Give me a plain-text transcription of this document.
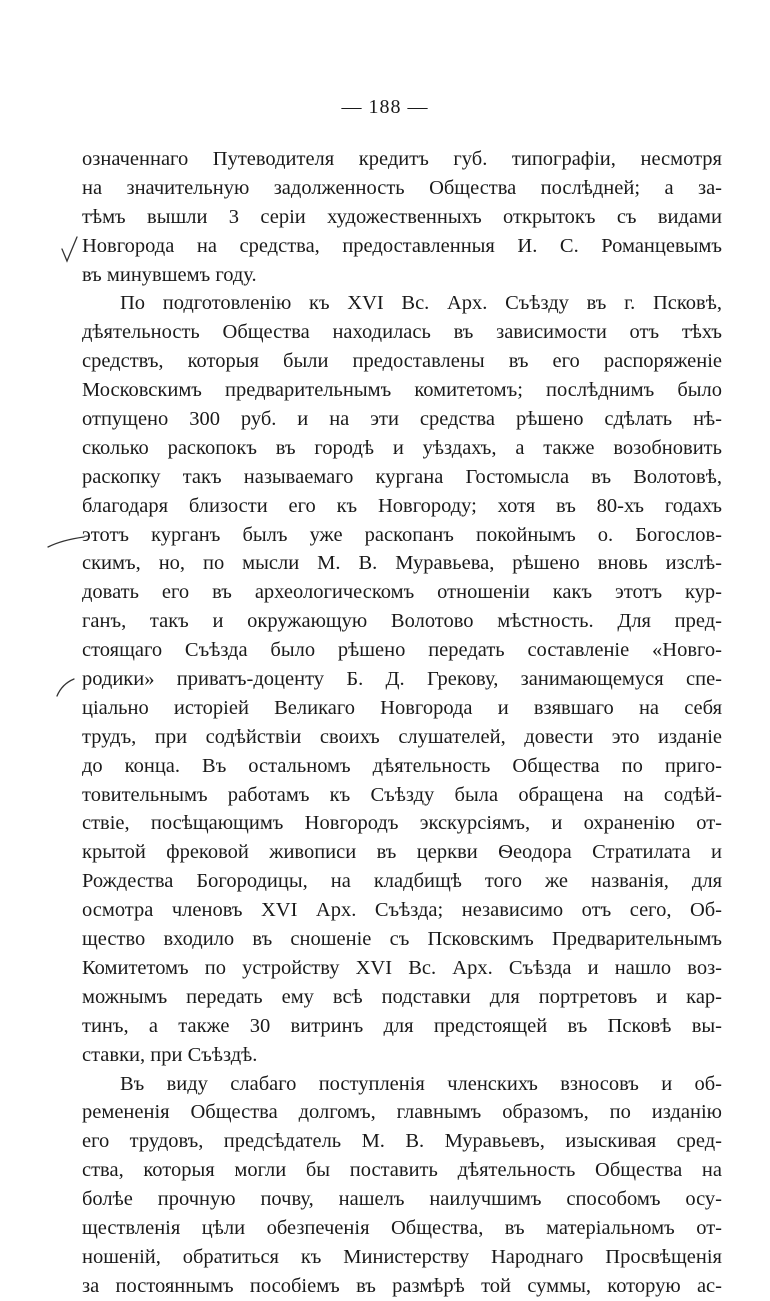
— 188 —
означеннаго Путеводителя кредитъ губ. типографіи, несмотря
на значительную задолженность Общества послѣдней; а за-
тѣмъ вышли 3 серіи художественныхъ открытокъ съ видами
Новгорода на средства, предоставленныя И. С. Романцевымъ
въ минувшемъ году.
По подготовленію къ XVI Вс. Арх. Съѣзду въ г. Псковѣ,
дѣятельность Общества находилась въ зависимости отъ тѣхъ
средствъ, которыя были предоставлены въ его распоряженіе
Московскимъ предварительнымъ комитетомъ; послѣднимъ было
отпущено 300 руб. и на эти средства рѣшено сдѣлать нѣ-
сколько раскопокъ въ городѣ и уѣздахъ, а также возобновить
раскопку такъ называемаго кургана Гостомысла въ Волотовѣ,
благодаря близости его къ Новгороду; хотя въ 80-хъ годахъ
этотъ курганъ былъ уже раскопанъ покойнымъ о. Богослов-
скимъ, но, по мысли М. В. Муравьева, рѣшено вновь изслѣ-
довать его въ археологическомъ отношеніи какъ этотъ кур-
ганъ, такъ и окружающую Волотово мѣстность. Для пред-
стоящаго Съѣзда было рѣшено передать составленіе «Новго-
родики» приватъ-доценту Б. Д. Грекову, занимающемуся спе-
ціально исторіей Великаго Новгорода и взявшаго на себя
трудъ, при содѣйствіи своихъ слушателей, довести это изданіе
до конца. Въ остальномъ дѣятельность Общества по приго-
товительнымъ работамъ къ Съѣзду была обращена на содѣй-
ствіе, посѣщающимъ Новгородъ экскурсіямъ, и охраненію от-
крытой фрековой живописи въ церкви Ѳеодора Стратилата и
Рождества Богородицы, на кладбищѣ того же названія, для
осмотра членовъ XVI Арх. Съѣзда; независимо отъ сего, Об-
щество входило въ сношеніе съ Псковскимъ Предварительнымъ
Комитетомъ по устройству XVI Вс. Арх. Съѣзда и нашло воз-
можнымъ передать ему всѣ подставки для портретовъ и кар-
тинъ, а также 30 витринъ для предстоящей въ Псковѣ вы-
ставки, при Съѣздѣ.
Въ виду слабаго поступленія членскихъ взносовъ и об-
ремененія Общества долгомъ, главнымъ образомъ, по изданію
его трудовъ, предсѣдатель М. В. Муравьевъ, изыскивая сред-
ства, которыя могли бы поставить дѣятельность Общества на
болѣе прочную почву, нашелъ наилучшимъ способомъ осу-
ществленія цѣли обезпеченія Общества, въ матеріальномъ от-
ношеній, обратиться къ Министерству Народнаго Просвѣщенія
за постояннымъ пособіемъ въ размѣрѣ той суммы, которую ас-
